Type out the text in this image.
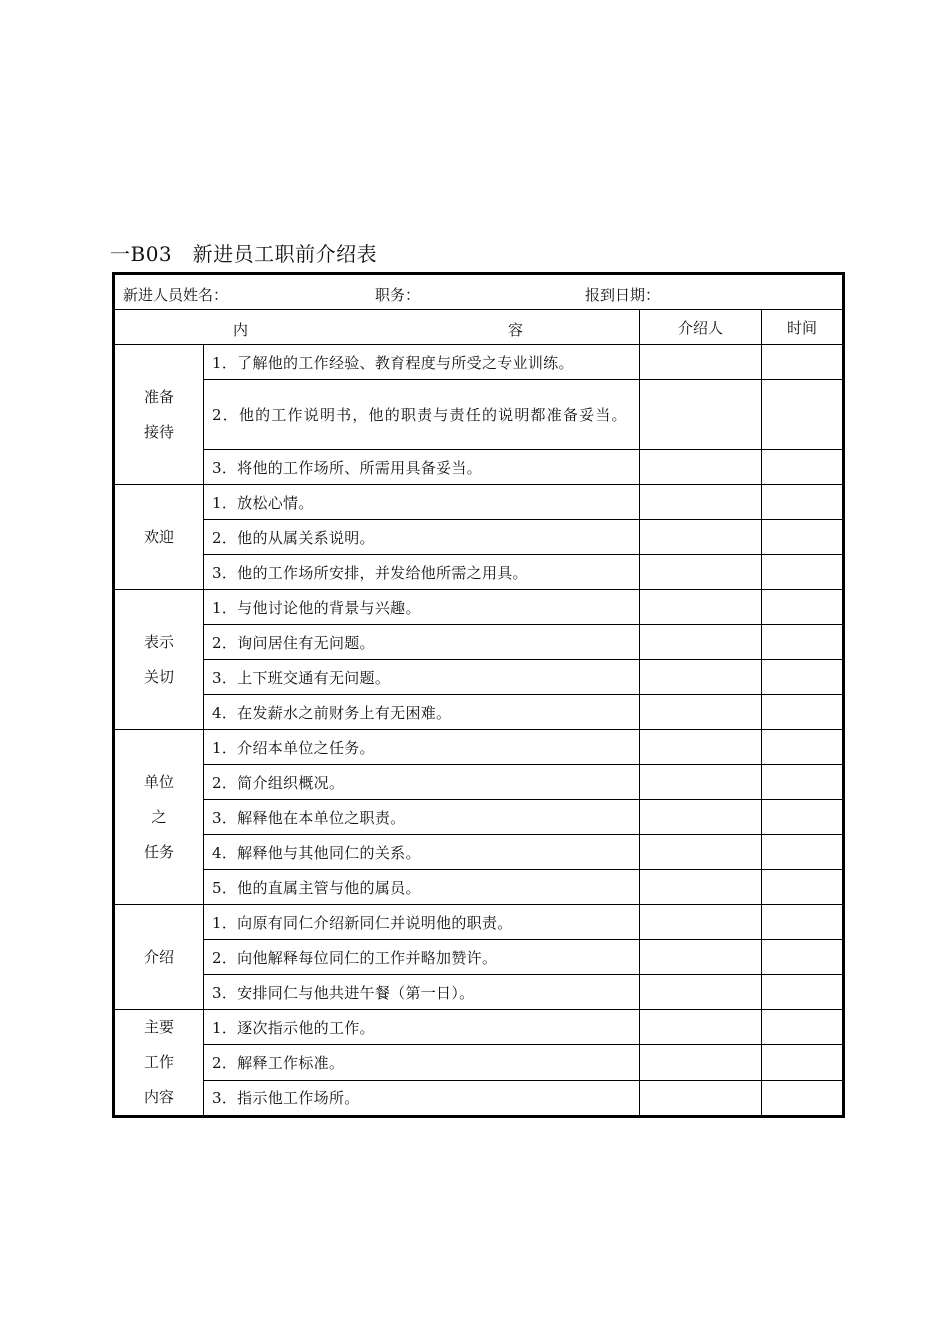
一B03　新进员工职前介绍表
新进人员姓名： 职务： 报到日期：			

内 容		介绍人	时间

准备
接待	1．了解他的工作经验、教育程度与所受之专业训练。		
	2．他的工作说明书，他的职责与责任的说明都准备妥当。		
	3．将他的工作场所、所需用具备妥当。		

欢迎	1．放松心情。		
	2．他的从属关系说明。		
	3．他的工作场所安排，并发给他所需之用具。		

表示
关切	1．与他讨论他的背景与兴趣。		
	2．询问居住有无问题。		
	3．上下班交通有无问题。		
	4．在发薪水之前财务上有无困难。		

单位
之
任务	1．介绍本单位之任务。		
	2．简介组织概况。		
	3．解释他在本单位之职责。		
	4．解释他与其他同仁的关系。		
	5．他的直属主管与他的属员。		

介绍	1．向原有同仁介绍新同仁并说明他的职责。		
	2．向他解释每位同仁的工作并略加赞许。		
	3．安排同仁与他共进午餐（第一日）。		

主要
工作
内容	1．逐次指示他的工作。		
	2．解释工作标准。		
	3．指示他工作场所。		
